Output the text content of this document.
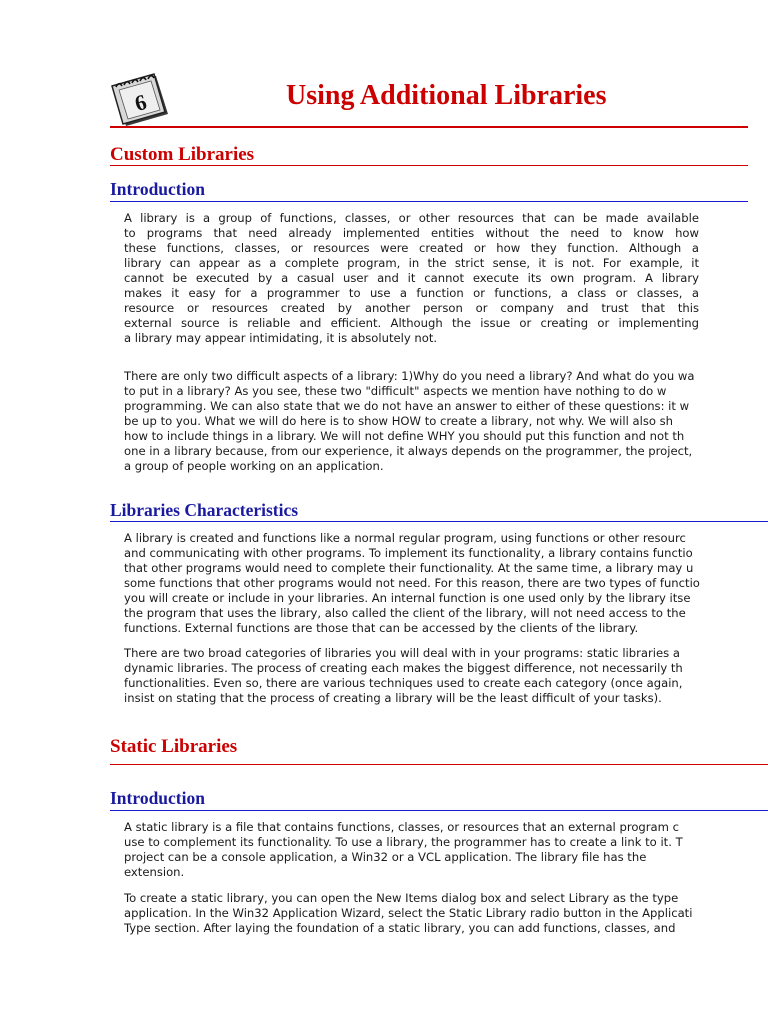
6	Using Additional Libraries
Custom Libraries
Introduction
A library is a group of functions, classes, or other resources that can be made available
to programs that need already implemented entities without the need to know how
these functions, classes, or resources were created or how they function. Although a
library can appear as a complete program, in the strict sense, it is not. For example, it
cannot be executed by a casual user and it cannot execute its own program. A library
makes it easy for a programmer to use a function or functions, a class or classes, a
resource or resources created by another person or company and trust that this
external source is reliable and efficient. Although the issue or creating or implementing
a library may appear intimidating, it is absolutely not.
There are only two difficult aspects of a library: 1)Why do you need a library? And what do you wa
to put in a library? As you see, these two "difficult" aspects we mention have nothing to do w
programming. We can also state that we do not have an answer to either of these questions: it w
be up to you. What we will do here is to show HOW to create a library, not why. We will also sh
how to include things in a library. We will not define WHY you should put this function and not th
one in a library because, from our experience, it always depends on the programmer, the project,
a group of people working on an application.
Libraries Characteristics
A library is created and functions like a normal regular program, using functions or other resourc
and communicating with other programs. To implement its functionality, a library contains functio
that other programs would need to complete their functionality. At the same time, a library may u
some functions that other programs would not need. For this reason, there are two types of functio
you will create or include in your libraries. An internal function is one used only by the library itse
the program that uses the library, also called the client of the library, will not need access to the
functions. External functions are those that can be accessed by the clients of the library.
There are two broad categories of libraries you will deal with in your programs: static libraries a
dynamic libraries. The process of creating each makes the biggest difference, not necessarily th
functionalities. Even so, there are various techniques used to create each category (once again,
insist on stating that the process of creating a library will be the least difficult of your tasks).
Static Libraries
Introduction
A static library is a file that contains functions, classes, or resources that an external program c
use to complement its functionality. To use a library, the programmer has to create a link to it. T
project can be a console application, a Win32 or a VCL application. The library file has the
extension.
To create a static library, you can open the New Items dialog box and select Library as the type
application. In the Win32 Application Wizard, select the Static Library radio button in the Applicati
Type section. After laying the foundation of a static library, you can add functions, classes, and
